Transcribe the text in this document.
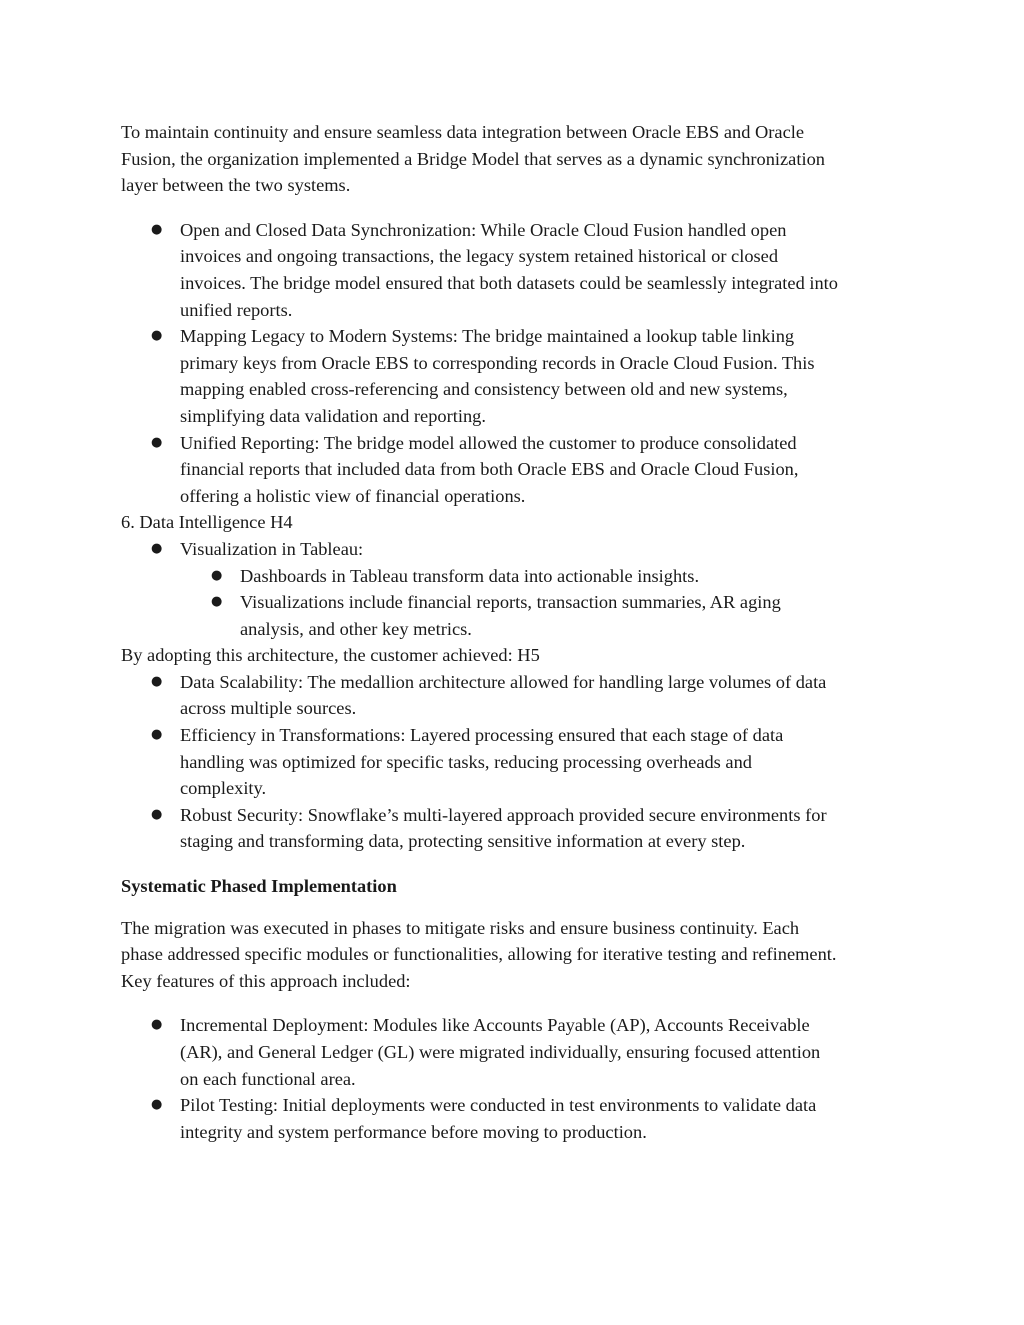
To maintain continuity and ensure seamless data integration between Oracle EBS and Oracle

Fusion, the organization implemented a Bridge Model that serves as a dynamic synchronization

layer between the two systems.

● Open and Closed Data Synchronization: While Oracle Cloud Fusion handled open

invoices and ongoing transactions, the legacy system retained historical or closed

invoices. The bridge model ensured that both datasets could be seamlessly integrated into

unified reports.

● Mapping Legacy to Modern Systems: The bridge maintained a lookup table linking

primary keys from Oracle EBS to corresponding records in Oracle Cloud Fusion. This

mapping enabled cross-referencing and consistency between old and new systems,

simplifying data validation and reporting.

● Unified Reporting: The bridge model allowed the customer to produce consolidated

financial reports that included data from both Oracle EBS and Oracle Cloud Fusion,

offering a holistic view of financial operations.

6. Data Intelligence H4

● Visualization in Tableau:

● Dashboards in Tableau transform data into actionable insights.

● Visualizations include financial reports, transaction summaries, AR aging

analysis, and other key metrics.

By adopting this architecture, the customer achieved: H5

● Data Scalability: The medallion architecture allowed for handling large volumes of data

across multiple sources.

● Efficiency in Transformations: Layered processing ensured that each stage of data

handling was optimized for specific tasks, reducing processing overheads and

complexity.

● Robust Security: Snowflake’s multi-layered approach provided secure environments for

staging and transforming data, protecting sensitive information at every step.

Systematic Phased Implementation

The migration was executed in phases to mitigate risks and ensure business continuity. Each

phase addressed specific modules or functionalities, allowing for iterative testing and refinement.

Key features of this approach included:

● Incremental Deployment: Modules like Accounts Payable (AP), Accounts Receivable

(AR), and General Ledger (GL) were migrated individually, ensuring focused attention

on each functional area.

● Pilot Testing: Initial deployments were conducted in test environments to validate data

integrity and system performance before moving to production.
